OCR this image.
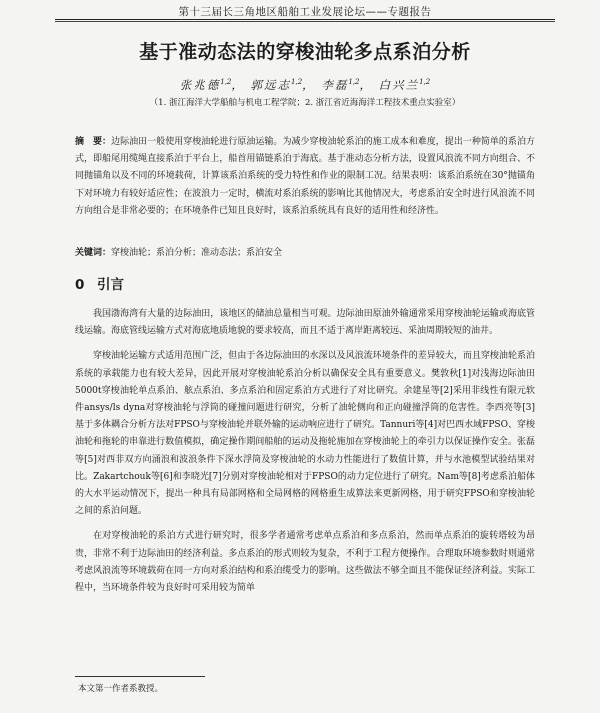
第十三届长三角地区船舶工业发展论坛——专题报告
基于准动态法的穿梭油轮多点系泊分析
张兆德$^{1,2}$， 郭远志$^{1,2}$， 李磊$^{1,2}$， 白兴兰$^{1,2}$
（1. 浙江海洋大学船舶与机电工程学院；2. 浙江省近海海洋工程技术重点实验室）
摘　要：边际油田一般使用穿梭油轮进行原油运输。为减少穿梭油轮系泊的施工成本和难度，提出一种简单的系泊方式，即船尾用缆绳直接系泊于平台上，船首用锚链系泊于海底。基于准动态分析方法，设置风浪流不同方向组合、不同抛锚角以及不同的环境载荷，计算该系泊系统的受力特性和作业的限制工况。结果表明：该系泊系统在30°抛锚角下对环境力有较好适应性；在波浪力一定时，横流对系泊系统的影响比其他情况大，考虑系泊安全时进行风浪流不同方向组合是非常必要的；在环境条件已知且良好时，该系泊系统具有良好的适用性和经济性。
关键词：穿梭油轮；系泊分析；准动态法；系泊安全
0 引言

我国渤海湾有大量的边际油田，该地区的储油总量相当可观。边际油田原油外输通常采用穿梭油轮运输或海底管线运输。海底管线运输方式对海底地质地貌的要求较高，而且不适于离岸距离较远、采油周期较短的油井。

穿梭油轮运输方式适用范围广泛，但由于各边际油田的水深以及风浪流环境条件的差异较大，而且穿梭油轮系泊系统的承载能力也有较大差异，因此开展对穿梭油轮系泊分析以确保安全具有重要意义。樊敦秋[1]对浅海边际油田5000t穿梭油轮单点系泊、舷点系泊、多点系泊和固定系泊方式进行了对比研究。余建星等[2]采用非线性有限元软件ansys/ls dyna对穿梭油轮与浮筒的碰撞问题进行研究，分析了油轮侧向和正向碰撞浮筒的危害性。李西亮等[3]基于多体耦合分析方法对FPSO与穿梭油轮并联外输的运动响应进行了研究。Tannuri等[4]对巴西水域FPSO、穿梭油轮和拖轮的串靠进行数值模拟，确定操作期间船舶的运动及拖轮施加在穿梭油轮上的牵引力以保证操作安全。张磊等[5]对西非双方向涌浪和波浪条件下深水浮筒及穿梭油轮的水动力性能进行了数值计算，并与水池模型试验结果对比。Zakartchouk等[6]和李晓光[7]分别对穿梭油轮相对于FPSO的动力定位进行了研究。Nam等[8]考虑系泊船体的大水平运动情况下，提出一种具有局部网格和全局网格的网格重生成算法来更新网格，用于研究FPSO和穿梭油轮之间的系泊问题。

在对穿梭油轮的系泊方式进行研究时，很多学者通常考虑单点系泊和多点系泊，然而单点系泊的旋转塔较为昂贵，非常不利于边际油田的经济利益。多点系泊的形式则较为复杂，不利于工程方便操作。合理取环境参数时则通常考虑风浪流等环境载荷在同一方向对系泊结构和系泊缆受力的影响。这些做法不够全面且不能保证经济利益。实际工程中，当环境条件较为良好时可采用较为简单

本文第一作者系教授。
